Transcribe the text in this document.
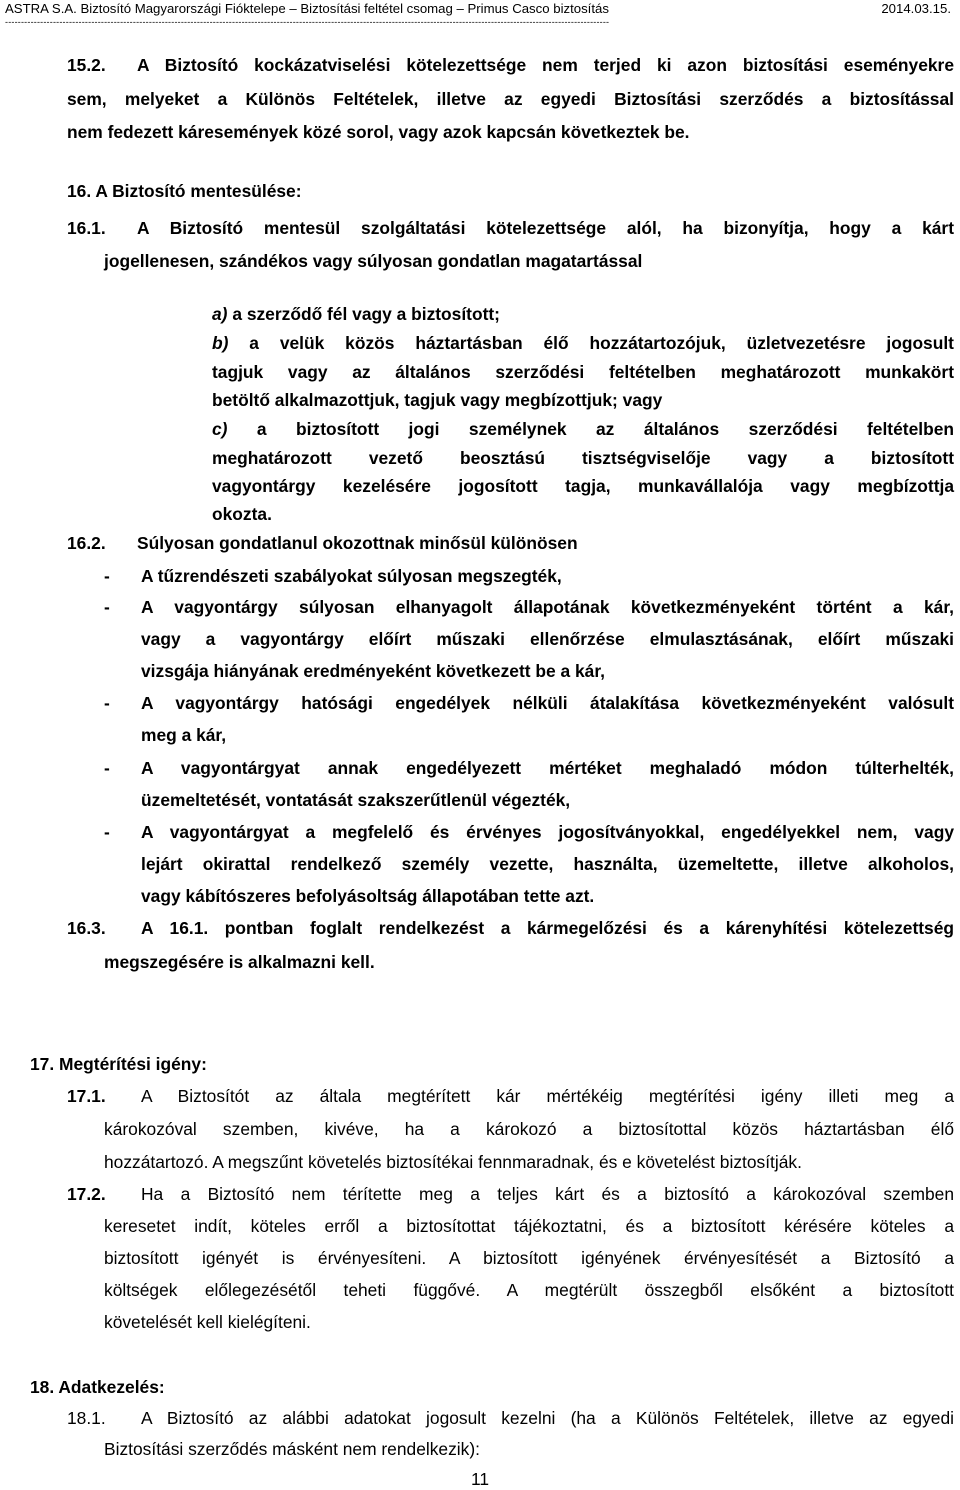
ASTRA S.A. Biztosító Magyarországi Fióktelepe – Biztosítási feltétel csomag – Primus Casco biztosítás	2014.03.15.
---------------------------------------------------------------------------------------------------------------------------------------------------------------------------------------------
15.2. A Biztosító kockázatviselési kötelezettsége nem terjed ki azon biztosítási eseményekre
sem, melyeket a Különös Feltételek, illetve az egyedi Biztosítási szerződés a biztosítással
nem fedezett káresemények közé sorol, vagy azok kapcsán következtek be.
16. A Biztosító mentesülése:
16.1. A Biztosító mentesül szolgáltatási kötelezettsége alól, ha bizonyítja, hogy a kárt
jogellenesen, szándékos vagy súlyosan gondatlan magatartással
a) a szerződő fél vagy a biztosított;
b) a velük közös háztartásban élő hozzátartozójuk, üzletvezetésre jogosult
tagjuk vagy az általános szerződési feltételben meghatározott munkakört
betöltő alkalmazottjuk, tagjuk vagy megbízottjuk; vagy
c) a biztosított jogi személynek az általános szerződési feltételben
meghatározott vezető beosztású tisztségviselője vagy a biztosított
vagyontárgy kezelésére jogosított tagja, munkavállalója vagy megbízottja
okozta.
16.2. Súlyosan gondatlanul okozottnak minősül különösen
- A tűzrendészeti szabályokat súlyosan megszegték,
- A vagyontárgy súlyosan elhanyagolt állapotának következményeként történt a kár,
vagy a vagyontárgy előírt műszaki ellenőrzése elmulasztásának, előírt műszaki
vizsgája hiányának eredményeként következett be a kár,
- A vagyontárgy hatósági engedélyek nélküli átalakítása következményeként valósult
meg a kár,
- A vagyontárgyat annak engedélyezett mértéket meghaladó módon túlterhelték,
üzemeltetését, vontatását szakszerűtlenül végezték,
- A vagyontárgyat a megfelelő és érvényes jogosítványokkal, engedélyekkel nem, vagy
lejárt okirattal rendelkező személy vezette, használta, üzemeltette, illetve alkoholos,
vagy kábítószeres befolyásoltság állapotában tette azt.
16.3. A 16.1. pontban foglalt rendelkezést a kármegelőzési és a kárenyhítési kötelezettség
megszegésére is alkalmazni kell.
17. Megtérítési igény:
17.1. A Biztosítót az általa megtérített kár mértékéig megtérítési igény illeti meg a
károkozóval szemben, kivéve, ha a károkozó a biztosítottal közös háztartásban élő
hozzátartozó. A megszűnt követelés biztosítékai fennmaradnak, és e követelést biztosítják.
17.2. Ha a Biztosító nem térítette meg a teljes kárt és a biztosító a károkozóval szemben
keresetet indít, köteles erről a biztosítottat tájékoztatni, és a biztosított kérésére köteles a
biztosított igényét is érvényesíteni. A biztosított igényének érvényesítését a Biztosító a
költségek előlegezésétől teheti függővé. A megtérült összegből elsőként a biztosított
követelését kell kielégíteni.
18. Adatkezelés:
18.1. A Biztosító az alábbi adatokat jogosult kezelni (ha a Különös Feltételek, illetve az egyedi
Biztosítási szerződés másként nem rendelkezik):
11
